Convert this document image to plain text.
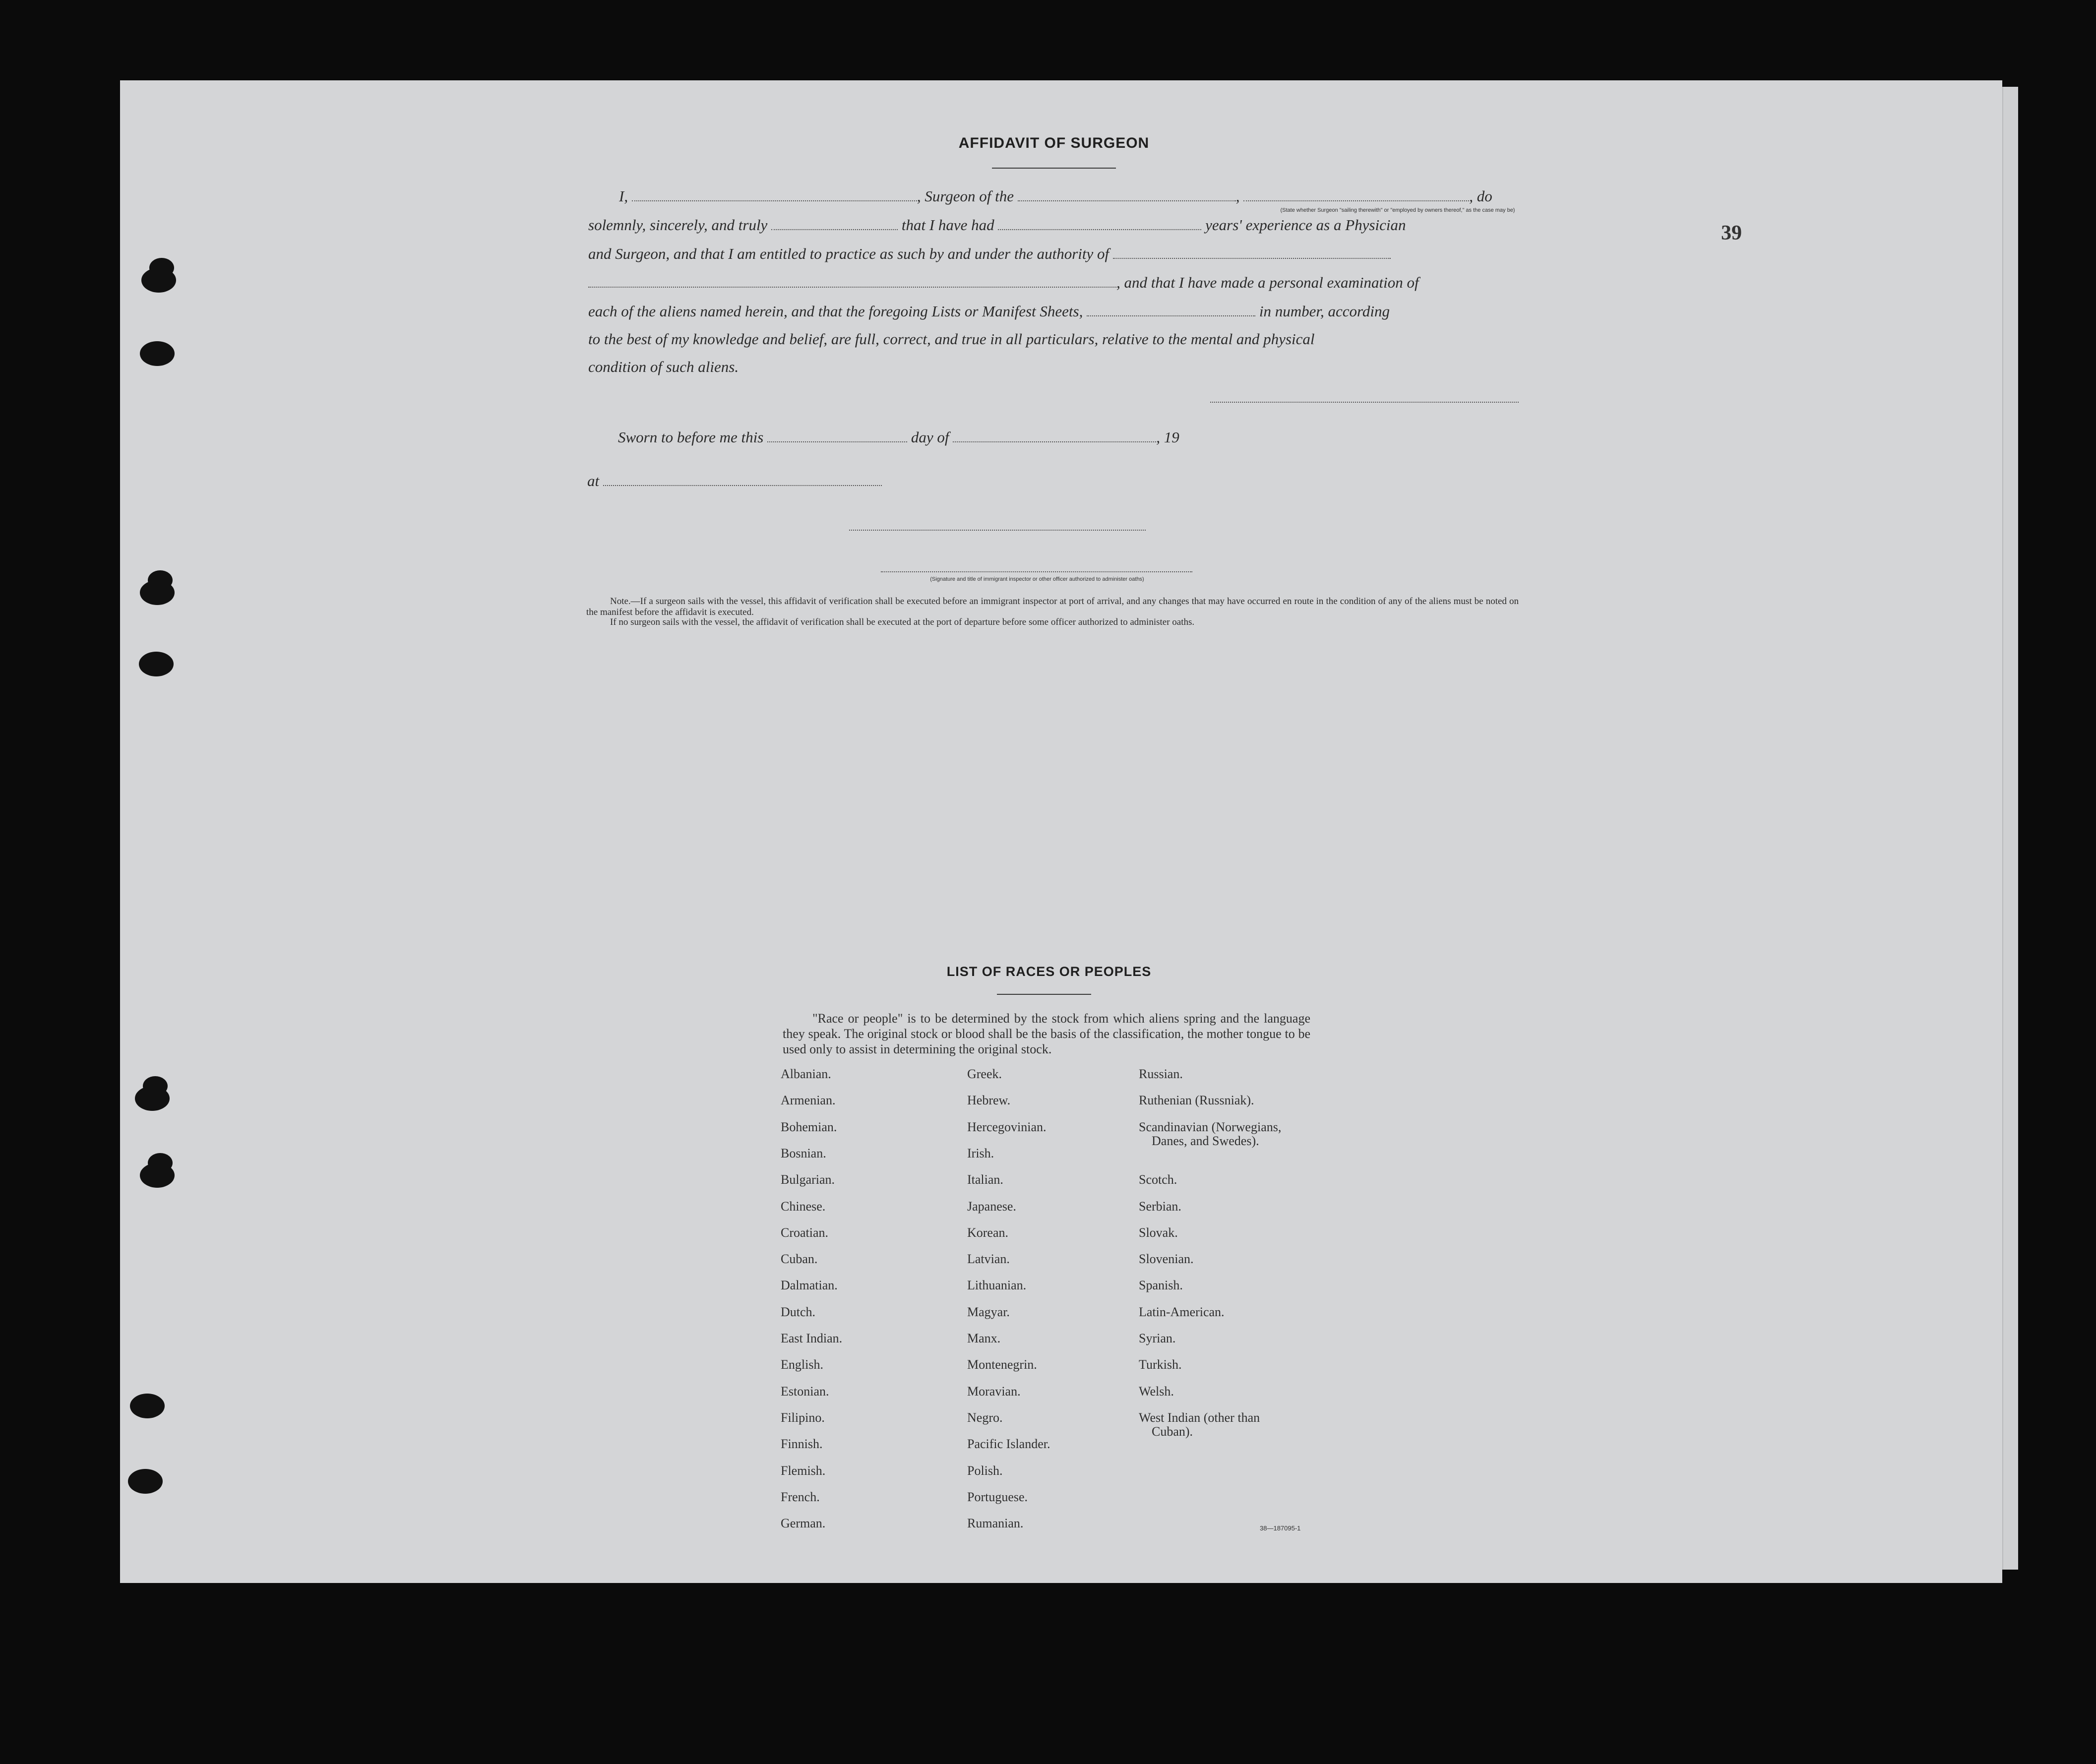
39
AFFIDAVIT OF SURGEON
I,	, Surgeon of the	,	, do
(State whether Surgeon "sailing therewith" or "employed by owners thereof," as the case may be)
solemnly, sincerely, and truly	that I have had	years' experience as a Physician
and Surgeon, and that I am entitled to practice as such by and under the authority of
, and that I have made a personal examination of
each of the aliens named herein, and that the foregoing Lists or Manifest Sheets,	in number, according
to the best of my knowledge and belief, are full, correct, and true in all particulars, relative to the mental and physical
condition of such aliens.
Sworn to before me this	day of	, 19
at
(Signature and title of immigrant inspector or other officer authorized to administer oaths)
Note.—If a surgeon sails with the vessel, this affidavit of verification shall be executed before an immigrant inspector at port of arrival, and any changes that may have occurred en route in the condition of any of the aliens must be noted on the manifest before the affidavit is executed.
If no surgeon sails with the vessel, the affidavit of verification shall be executed at the port of departure before some officer authorized to administer oaths.
LIST OF RACES OR PEOPLES
"Race or people" is to be determined by the stock from which aliens spring and the language they speak. The original stock or blood shall be the basis of the classification, the mother tongue to be used only to assist in determining the original stock.
Albanian.
Armenian.
Bohemian.
Bosnian.
Bulgarian.
Chinese.
Croatian.
Cuban.
Dalmatian.
Dutch.
East Indian.
English.
Estonian.
Filipino.
Finnish.
Flemish.
French.
German.
Greek.
Hebrew.
Hercegovinian.
Irish.
Italian.
Japanese.
Korean.
Latvian.
Lithuanian.
Magyar.
Manx.
Montenegrin.
Moravian.
Negro.
Pacific Islander.
Polish.
Portuguese.
Rumanian.
Russian.
Ruthenian (Russniak).
Scandinavian (Norwegians,
Danes, and Swedes).
Scotch.
Serbian.
Slovak.
Slovenian.
Spanish.
Latin-American.
Syrian.
Turkish.
Welsh.
West Indian (other than
Cuban).
38—187095-1
